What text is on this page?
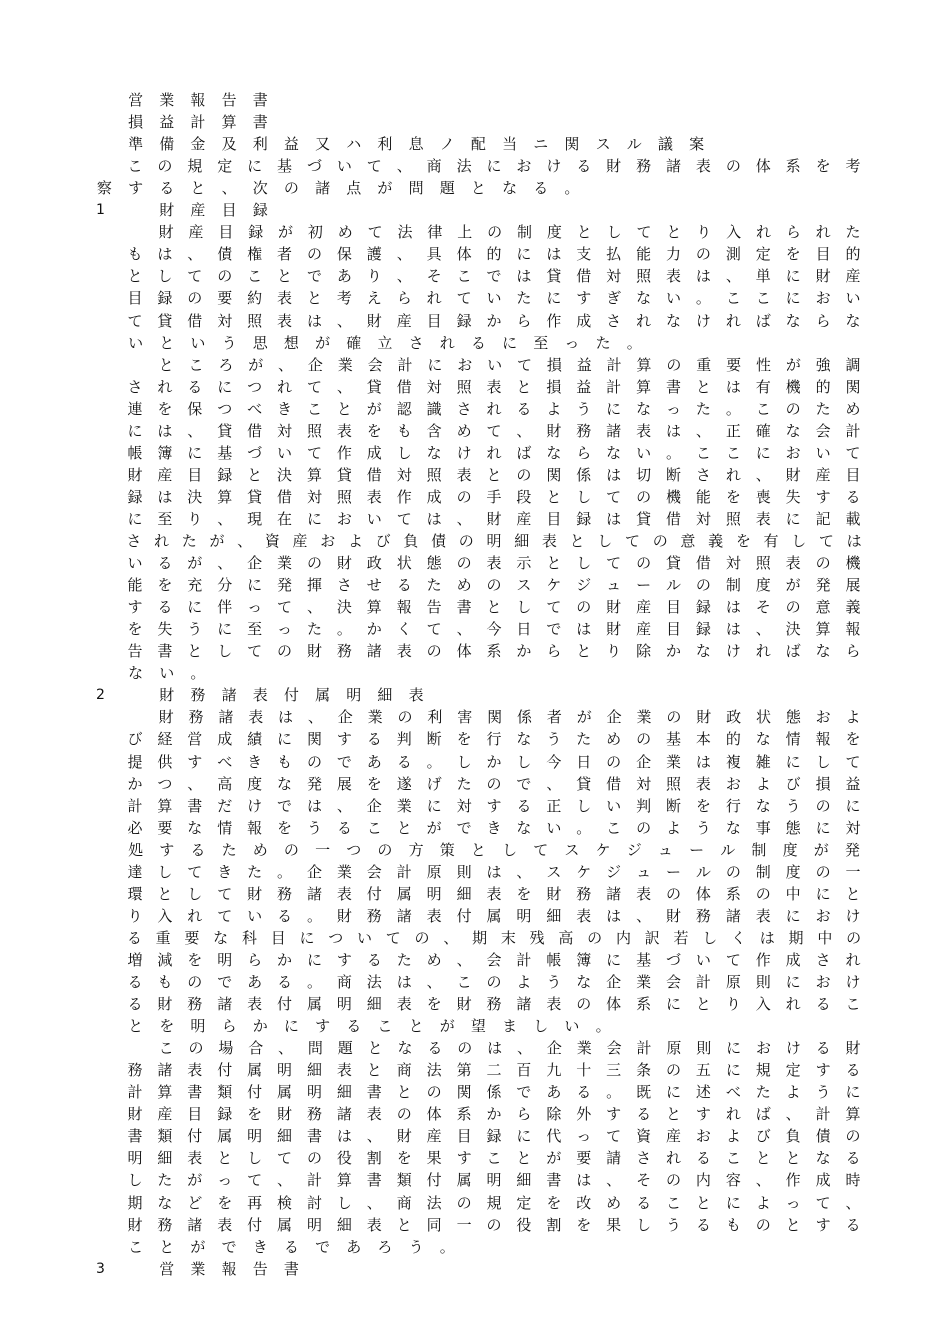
営 業 報 告 書
損 益 計 算 書
準 備 金 及 利 益 又 ハ 利 息 ノ 配 当 ニ 関 ス ル 議 案
こ の 規 定 に 基 づ い て 、 商 法 に お け る 財 務 諸 表 の 体 系 を 考
察 す る と 、 次 の 諸 点 が 問 題 と な る 。
1	財 産 目 録
財 産 目 録 が 初 め て 法 律 上 の 制 度 と し て と り 入 れ ら れ た
も は 、 債 権 者 の 保 護 、 具 体 的 に は 支 払 能 力 の 測 定 を 目 的
と し て の こ と で あ り 、 そ こ で は 貸 借 対 照 表 は 、 単 に 財 産
目 録 の 要 約 表 と 考 え ら れ て い た に す ぎ な い 。 こ こ に お い
て 貸 借 対 照 表 は 、 財 産 目 録 か ら 作 成 さ れ な け れ ば な ら な
い と い う 思 想 が 確 立 さ れ る に 至 っ た 。
と こ ろ が 、 企 業 会 計 に お い て 損 益 計 算 の 重 要 性 が 強 調
さ れ る に つ れ て 、 貸 借 対 照 表 と 損 益 計 算 書 と は 有 機 的 関
連 を 保 つ べ き こ と が 認 識 さ れ る よ う に な っ た 。 こ の た め
に は 、 貸 借 対 照 表 を も 含 め て 、 財 務 諸 表 は 、 正 確 な 会 計
帳 簿 に 基 づ い て 作 成 し な け れ ば な ら な い 。 こ こ に お い て
財 産 目 録 と 決 算 貸 借 対 照 表 と の 関 係 は 切 断 さ れ 、 財 産 目
録 は 決 算 貸 借 対 照 表 作 成 の 手 段 と し て の 機 能 を 喪 失 す る
に 至 り 、 現 在 に お い て は 、 財 産 目 録 は 貸 借 対 照 表 に 記 載
さ れ た が 、 資 産 お よ び 負 債 の 明 細 表 と し て の 意 義 を 有 し て は
い る が 、 企 業 の 財 政 状 態 の 表 示 と し て の 貸 借 対 照 表 の 機
能 を 充 分 に 発 揮 さ せ る た め の ス ケ ジ ュ ー ル の 制 度 が 発 展
す る に 伴 っ て 、 決 算 報 告 書 と し て の 財 産 目 録 は そ の 意 義
を 失 う に 至 っ た 。 か く て 、 今 日 で は 財 産 目 録 は 、 決 算 報
告 書 と し て の 財 務 諸 表 の 体 系 か ら と り 除 か な け れ ば な ら
な い 。
2	財 務 諸 表 付 属 明 細 表
財 務 諸 表 は 、 企 業 の 利 害 関 係 者 が 企 業 の 財 政 状 態 お よ
び 経 営 成 績 に 関 す る 判 断 を 行 な う た め の 基 本 的 な 情 報 を
提 供 す べ き も の で あ る 。 し か し 今 日 の 企 業 は 複 雑 に し て
か つ 、 高 度 な 発 展 を 遂 げ た の で 、 貸 借 対 照 表 お よ び 損 益
計 算 書 だ け で は 、 企 業 に 対 す る 正 し い 判 断 を 行 な う の に
必 要 な 情 報 を う る こ と が で き な い 。 こ の よ う な 事 態 に 対
処 す る た め の 一 つ の 方 策 と し て ス ケ ジ ュ ー ル 制 度 が 発
達 し て き た 。 企 業 会 計 原 則 は 、 ス ケ ジ ュ ー ル の 制 度 の 一
環 と し て 財 務 諸 表 付 属 明 細 表 を 財 務 諸 表 の 体 系 の 中 に と
り 入 れ て い る 。 財 務 諸 表 付 属 明 細 表 は 、 財 務 諸 表 に お け
る 重 要 な 科 目 に つ い て の 、 期 末 残 高 の 内 訳 若 し く は 期 中 の
増 減 を 明 ら か に す る た め 、 会 計 帳 簿 に 基 づ い て 作 成 さ れ
る も の で あ る 。 商 法 は 、 こ の よ う な 企 業 会 計 原 則 に お け
る 財 務 諸 表 付 属 明 細 表 を 財 務 諸 表 の 体 系 に と り 入 れ る こ
と を 明 ら か に す る こ と が 望 ま し い 。
こ の 場 合 、 問 題 と な る の は 、 企 業 会 計 原 則 に お け る 財
務 諸 表 付 属 明 細 表 と 商 法 第 二 百 九 十 三 条 の 五 に 規 定 す る
計 算 書 類 付 属 明 細 書 と の 関 係 で あ る 。 既 に 述 べ た よ う に
財 産 目 録 を 財 務 諸 表 の 体 系 か ら 除 外 す る と す れ ば 、 計 算
書 類 付 属 明 細 書 は 、 財 産 目 録 に 代 っ て 資 産 お よ び 負 債 の
明 細 表 と し て の 役 割 を 果 す こ と が 要 請 さ れ る こ と と な る
し た が っ て 、 計 算 書 類 付 属 明 細 書 は 、 そ の 内 容 、 作 成 時
期 な ど を 再 検 討 し 、 商 法 の 規 定 を 改 め る こ と に よ っ て 、
財 務 諸 表 付 属 明 細 表 と 同 一 の 役 割 を 果 し う る も の と す る
こ と が で き る で あ ろ う 。
3	営 業 報 告 書
